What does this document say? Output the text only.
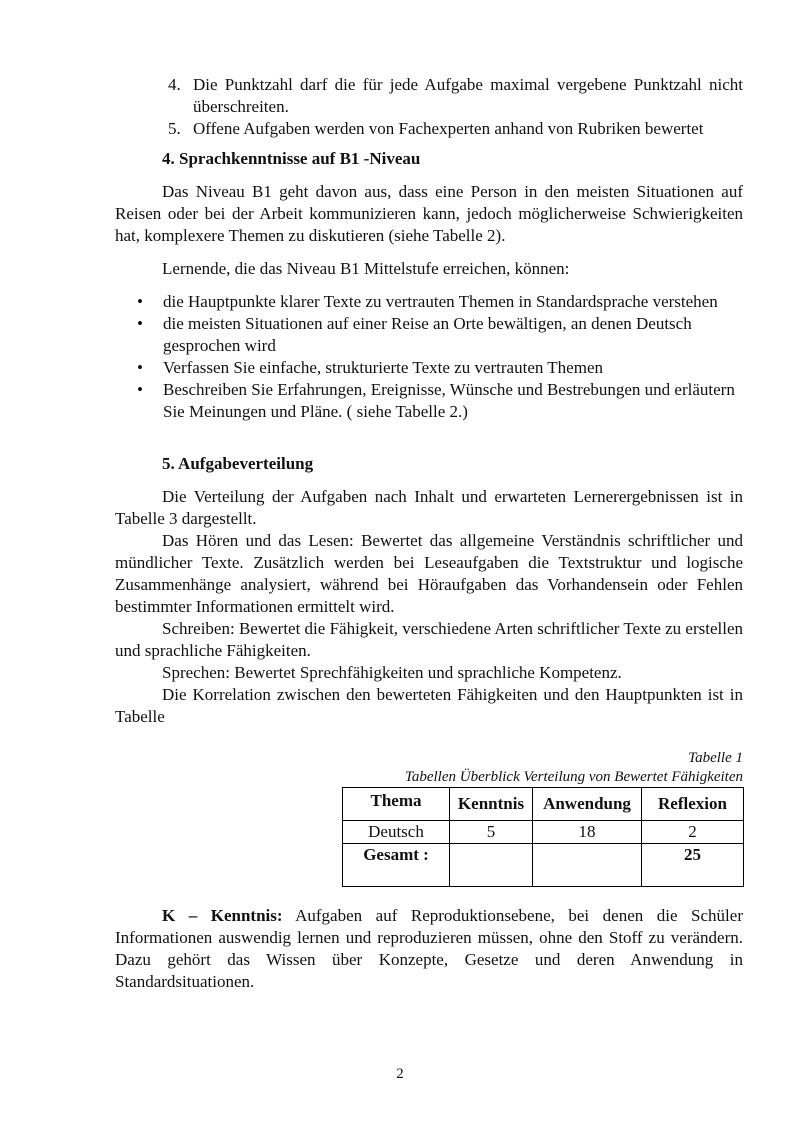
4. Die Punktzahl darf die für jede Aufgabe maximal vergebene Punktzahl nicht überschreiten.
5. Offene Aufgaben werden von Fachexperten anhand von Rubriken bewertet
4. Sprachkenntnisse auf B1 -Niveau

Das Niveau B1 geht davon aus, dass eine Person in den meisten Situationen auf Reisen oder bei der Arbeit kommunizieren kann, jedoch möglicherweise Schwierigkeiten hat, komplexere Themen zu diskutieren (siehe Tabelle 2).

Lernende, die das Niveau B1 Mittelstufe erreichen, können:

• die Hauptpunkte klarer Texte zu vertrauten Themen in Standardsprache verstehen
• die meisten Situationen auf einer Reise an Orte bewältigen, an denen Deutsch gesprochen wird
• Verfassen Sie einfache, strukturierte Texte zu vertrauten Themen
• Beschreiben Sie Erfahrungen, Ereignisse, Wünsche und Bestrebungen und erläutern Sie Meinungen und Pläne. ( siehe Tabelle 2.)
5. Aufgabeverteilung

Die Verteilung der Aufgaben nach Inhalt und erwarteten Lernerergebnissen ist in Tabelle 3 dargestellt.

Das Hören und das Lesen: Bewertet das allgemeine Verständnis schriftlicher und mündlicher Texte. Zusätzlich werden bei Leseaufgaben die Textstruktur und logische Zusammenhänge analysiert, während bei Höraufgaben das Vorhandensein oder Fehlen bestimmter Informationen ermittelt wird.

Schreiben: Bewertet die Fähigkeit, verschiedene Arten schriftlicher Texte zu erstellen und sprachliche Fähigkeiten.

Sprechen: Bewertet Sprechfähigkeiten und sprachliche Kompetenz.

Die Korrelation zwischen den bewerteten Fähigkeiten und den Hauptpunkten ist in Tabelle

Tabelle 1
Tabellen Überblick Verteilung von Bewertet Fähigkeiten
Thema	Kenntnis	Anwendung	Reflexion
Deutsch	5	18	2
Gesamt :			25

K – Kenntnis: Aufgaben auf Reproduktionsebene, bei denen die Schüler Informationen auswendig lernen und reproduzieren müssen, ohne den Stoff zu verändern. Dazu gehört das Wissen über Konzepte, Gesetze und deren Anwendung in Standardsituationen.

2
